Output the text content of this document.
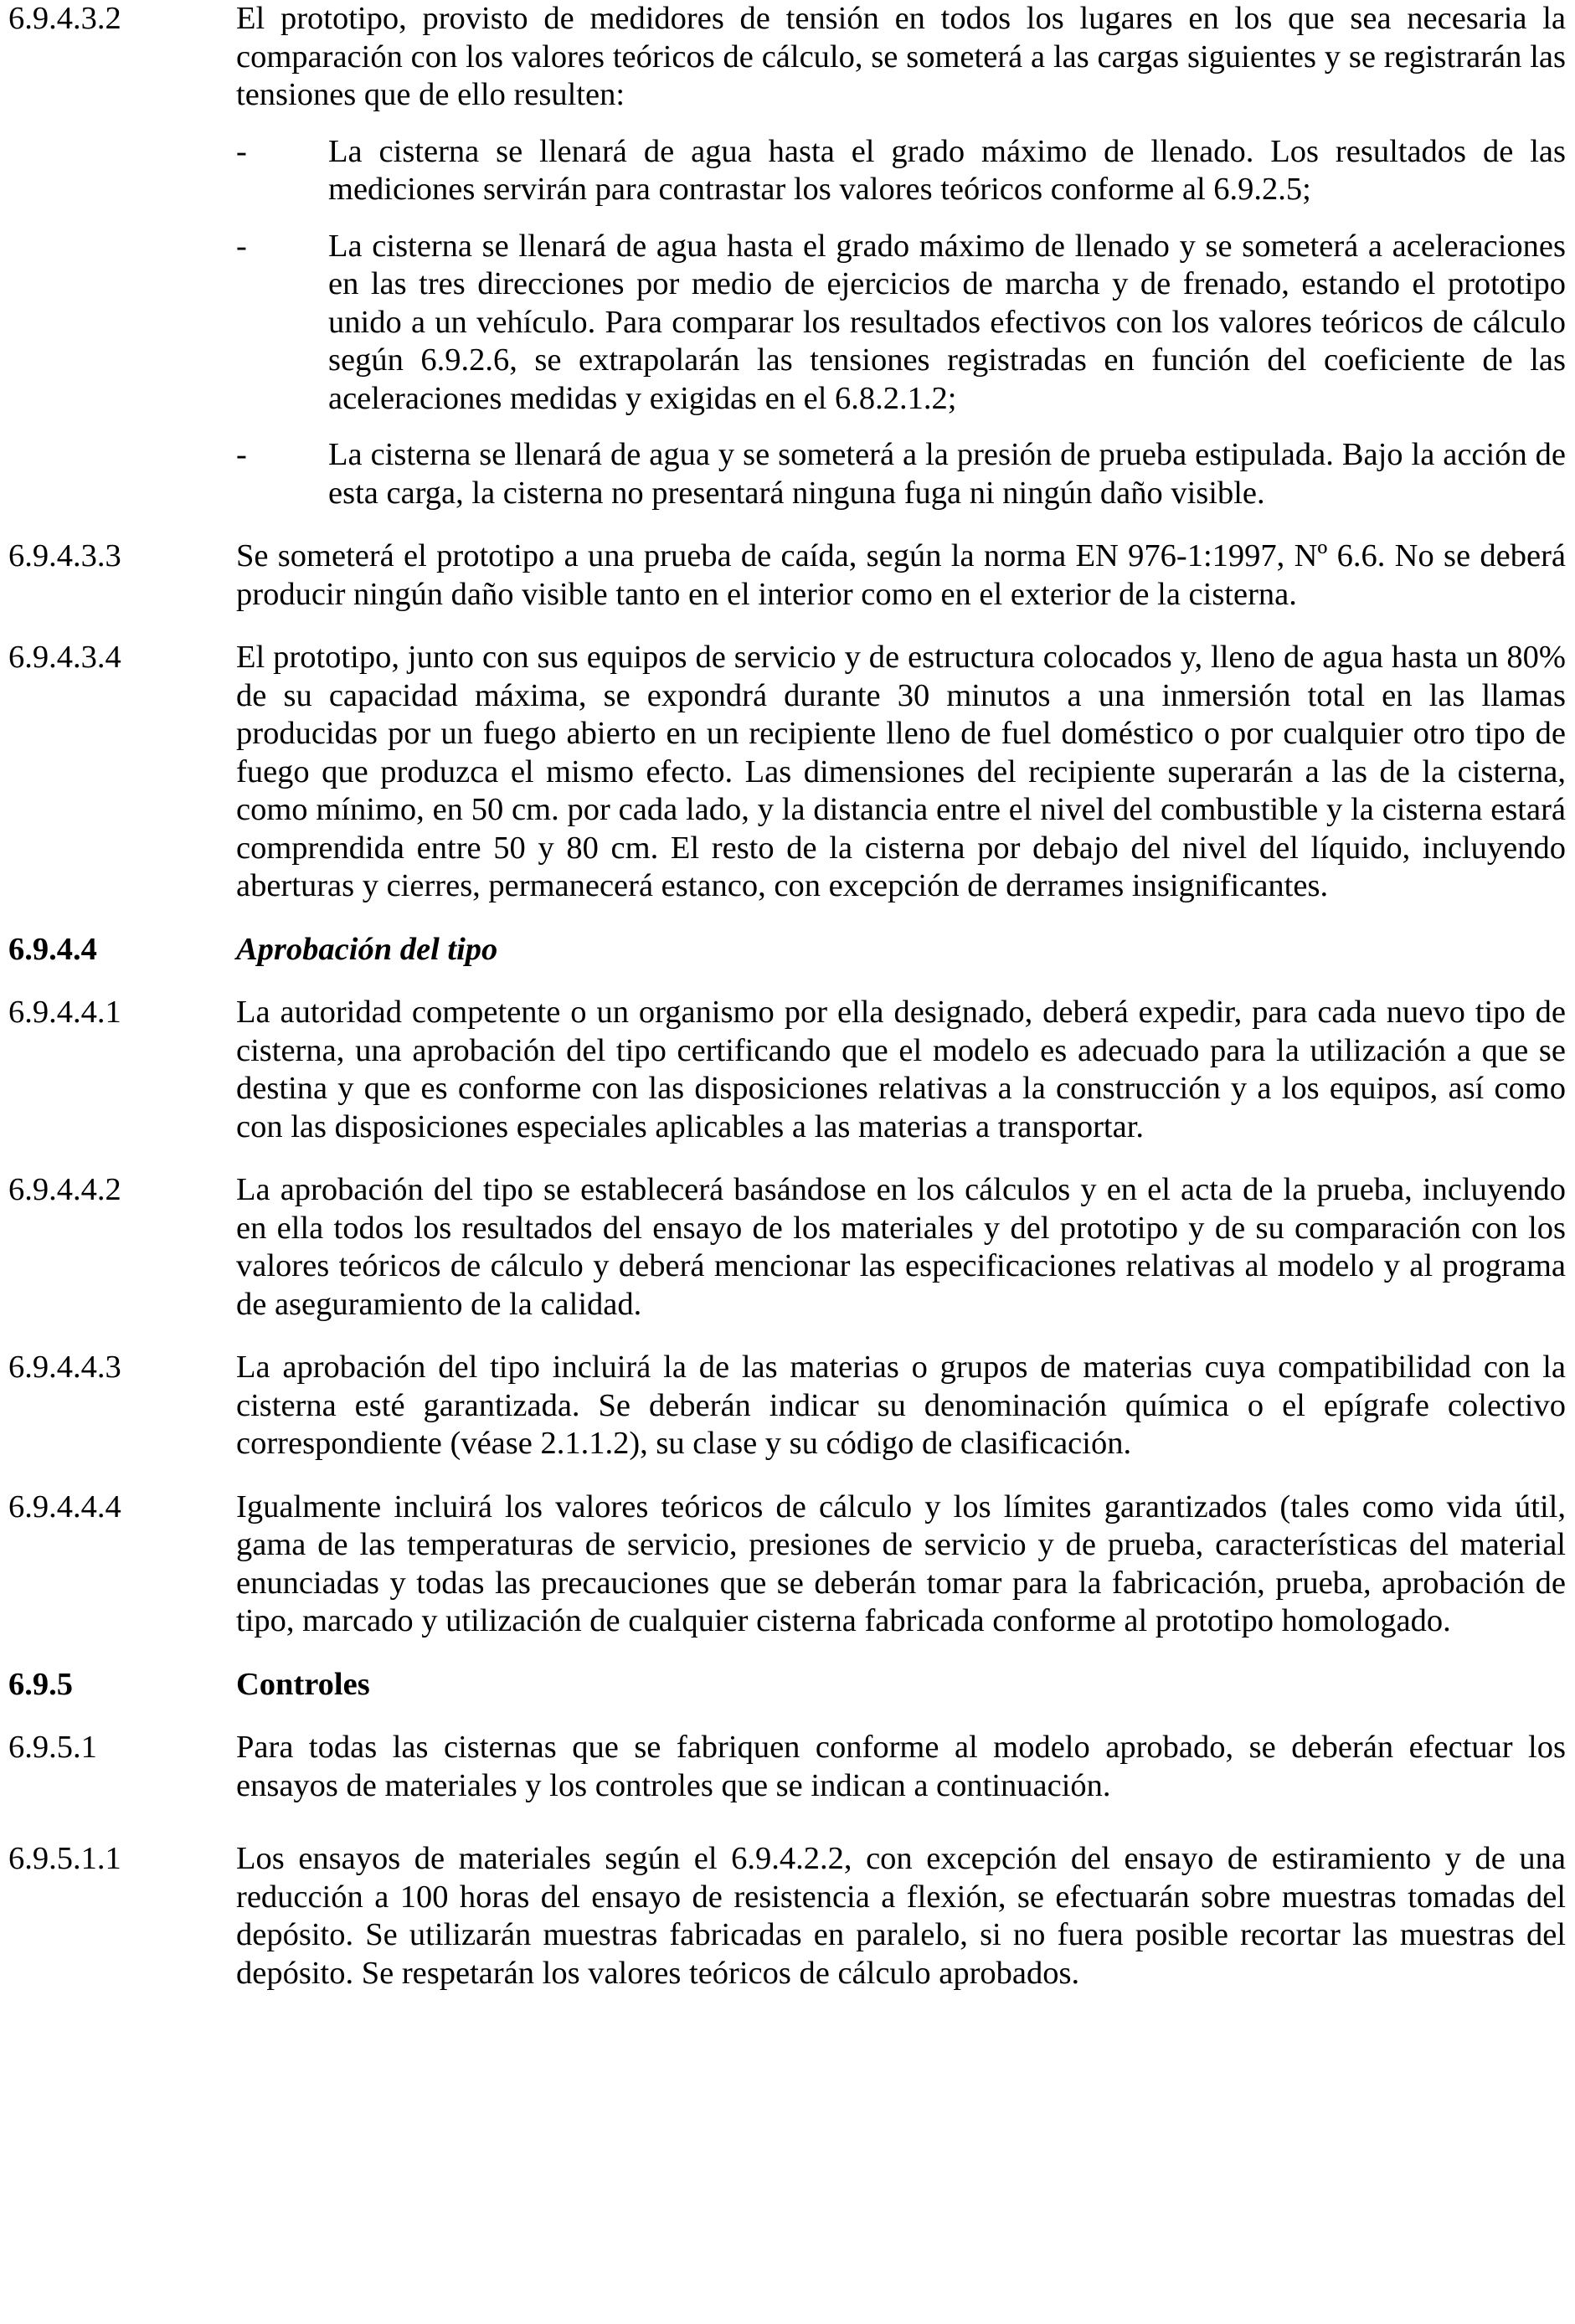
6.9.4.3.2	El prototipo, provisto de medidores de tensión en todos los lugares en los que sea necesaria la comparación con los valores teóricos de cálculo, se someterá a las cargas siguientes y se registrarán las tensiones que de ello resulten:
-	La cisterna se llenará de agua hasta el grado máximo de llenado. Los resultados de las mediciones servirán para contrastar los valores teóricos conforme al 6.9.2.5;
-	La cisterna se llenará de agua hasta el grado máximo de llenado y se someterá a aceleraciones en las tres direcciones por medio de ejercicios de marcha y de frenado, estando el prototipo unido a un vehículo. Para comparar los resultados efectivos con los valores teóricos de cálculo según 6.9.2.6, se extrapolarán las tensiones registradas en función del coeficiente de las aceleraciones medidas y exigidas en el 6.8.2.1.2;
-	La cisterna se llenará de agua y se someterá a la presión de prueba estipulada. Bajo la acción de esta carga, la cisterna no presentará ninguna fuga ni ningún daño visible.
6.9.4.3.3	Se someterá el prototipo a una prueba de caída, según la norma EN 976-1:1997, Nº 6.6. No se deberá producir ningún daño visible tanto en el interior como en el exterior de la cisterna.
6.9.4.3.4	El prototipo, junto con sus equipos de servicio y de estructura colocados y, lleno de agua hasta un 80% de su capacidad máxima, se expondrá durante 30 minutos a una inmersión total en las llamas producidas por un fuego abierto en un recipiente lleno de fuel doméstico o por cualquier otro tipo de fuego que produzca el mismo efecto. Las dimensiones del recipiente superarán a las de la cisterna, como mínimo, en 50 cm. por cada lado, y la distancia entre el nivel del combustible y la cisterna estará comprendida entre 50 y 80 cm. El resto de la cisterna por debajo del nivel del líquido, incluyendo aberturas y cierres, permanecerá estanco, con excepción de derrames insignificantes.
6.9.4.4	Aprobación del tipo
6.9.4.4.1	La autoridad competente o un organismo por ella designado, deberá expedir, para cada nuevo tipo de cisterna, una aprobación del tipo certificando que el modelo es adecuado para la utilización a que se destina y que es conforme con las disposiciones relativas a la construcción y a los equipos, así como con las disposiciones especiales aplicables a las materias a transportar.
6.9.4.4.2	La aprobación del tipo se establecerá basándose en los cálculos y en el acta de la prueba, incluyendo en ella todos los resultados del ensayo de los materiales y del prototipo y de su comparación con los valores teóricos de cálculo y deberá mencionar las especificaciones relativas al modelo y al programa de aseguramiento de la calidad.
6.9.4.4.3	La aprobación del tipo incluirá la de las materias o grupos de materias cuya compatibilidad con la cisterna esté garantizada. Se deberán indicar su denominación química o el epígrafe colectivo correspondiente (véase 2.1.1.2), su clase y su código de clasificación.
6.9.4.4.4	Igualmente incluirá los valores teóricos de cálculo y los límites garantizados (tales como vida útil, gama de las temperaturas de servicio, presiones de servicio y de prueba, características del material enunciadas y todas las precauciones que se deberán tomar para la fabricación, prueba, aprobación de tipo, marcado y utilización de cualquier cisterna fabricada conforme al prototipo homologado.
6.9.5	Controles
6.9.5.1	Para todas las cisternas que se fabriquen conforme al modelo aprobado, se deberán efectuar los ensayos de materiales y los controles que se indican a continuación.
6.9.5.1.1	Los ensayos de materiales según el 6.9.4.2.2, con excepción del ensayo de estiramiento y de una reducción a 100 horas del ensayo de resistencia a flexión, se efectuarán sobre muestras tomadas del depósito. Se utilizarán muestras fabricadas en paralelo, si no fuera posible recortar las muestras del depósito. Se respetarán los valores teóricos de cálculo aprobados.
